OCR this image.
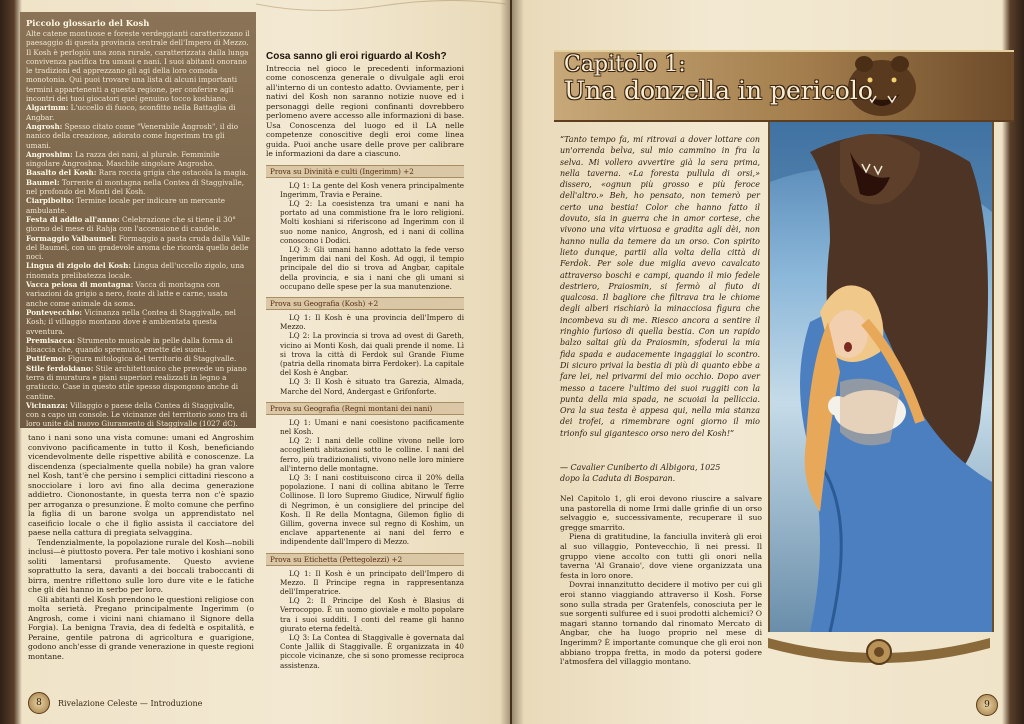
Piccolo glossario del Kosh

Alte catene montuose e foreste verdeggianti caratterizzano il paesaggio di questa provincia centrale dell'Impero di Mezzo. Il Kosh è perlopiù una zona rurale, caratterizzata dalla lunga convivenza pacifica tra umani e nani. I suoi abitanti onorano le tradizioni ed apprezzano gli agi della loro comoda monotonia. Qui puoi trovare una lista di alcuni importanti termini appartenenti a questa regione, per conferire agli incontri dei tuoi giocatori quel genuino tocco koshiano.

Algarimm: L'uccello di fuoco, sconfitto nella Battaglia di Angbar.

Angrosh: Spesso citato come "Venerabile Angrosh", il dio nanico della creazione, adorato come Ingerimm tra gli umani.

Angroshim: La razza dei nani, al plurale. Femminile singolare Angroshna. Maschile singolare Angrosho.

Basalto del Kosh: Rara roccia grigia che ostacola la magia.

Baumel: Torrente di montagna nella Contea di Staggivalle, nel profondo dei Monti del Kosh.

Ciarpibolto: Termine locale per indicare un mercante ambulante.

Festa di addio all'anno: Celebrazione che si tiene il 30° giorno del mese di Rahja con l'accensione di candele.

Formaggio Valbaumel: Formaggio a pasta cruda dalla Valle del Baumel, con un gradevole aroma che ricorda quello delle noci.

Lingua di zigolo del Kosh: Lingua dell'uccello zigolo, una rinomata prelibatezza locale.

Vacca pelosa di montagna: Vacca di montagna con variazioni da grigio a nero, fonte di latte e carne, usata anche come animale da soma.

Pontevecchio: Vicinanza nella Contea di Staggivalle, nel Kosh; il villaggio montano dove è ambientata questa avventura.

Premisacca: Strumento musicale in pelle dalla forma di bisaccia che, quando spremuto, emette dei suoni.

Putifemo: Figura mitologica del territorio di Staggivalle.

Stile ferdokiano: Stile architettonico che prevede un piano terra di muratura e piani superiori realizzati in legno a graticcio. Case in questo stile spesso dispongono anche di cantine.

Vicinanza: Villaggio o paese della Contea di Staggivalle, con a capo un console. Le vicinanze del territorio sono tra di loro unite dal nuovo Giuramento di Staggivalle (1027 dC).

tano i nani sono una vista comune: umani ed Angroshim convivono pacificamente in tutto il Kosh, beneficiando vicendevolmente delle rispettive abilità e conoscenze. La discendenza (specialmente quella nobile) ha gran valore nel Kosh, tant'è che persino i semplici cittadini riescono a snocciolare i loro avi fino alla decima generazione addietro. Ciononostante, in questa terra non c'è spazio per arroganza o presunzione. È molto comune che perfino la figlia di un barone svolga un apprendistato nel caseificio locale o che il figlio assista il cacciatore del paese nella cattura di pregiata selvaggina.

Tendenzialmente, la popolazione rurale del Kosh—nobili inclusi—è piuttosto povera. Per tale motivo i koshiani sono soliti lamentarsi profusamente. Questo avviene soprattutto la sera, davanti a dei boccali traboccanti di birra, mentre riflettono sulle loro dure vite e le fatiche che gli dèi hanno in serbo per loro.

Gli abitanti del Kosh prendono le questioni religiose con molta serietà. Pregano principalmente Ingerimm (o Angrosh, come i vicini nani chiamano il Signore della Forgia). La benigna Travia, dea di fedeltà e ospitalità, e Peraine, gentile patrona di agricoltura e guarigione, godono anch'esse di grande venerazione in queste regioni montane.

Cosa sanno gli eroi riguardo al Kosh?

Intreccia nel gioco le precedenti informazioni come conoscenza generale o divulgale agli eroi all'interno di un contesto adatto. Ovviamente, per i nativi del Kosh non saranno notizie nuove ed i personaggi delle regioni confinanti dovrebbero perlomeno avere accesso alle informazioni di base. Usa Conoscenza del luogo ed il LA nelle competenze conoscitive degli eroi come linea guida. Puoi anche usare delle prove per calibrare le informazioni da dare a ciascuno.

Prova su Divinità e culti (Ingerimm) +2

LQ 1: La gente del Kosh venera principalmente Ingerimm, Travia e Peraine.

LQ 2: La coesistenza tra umani e nani ha portato ad una commistione fra le loro religioni. Molti koshiani si riferiscono ad Ingerimm con il suo nome nanico, Angrosh, ed i nani di collina conoscono i Dodici.

LQ 3: Gli umani hanno adottato la fede verso Ingerimm dai nani del Kosh. Ad oggi, il tempio principale del dio si trova ad Angbar, capitale della provincia, e sia i nani che gli umani si occupano delle spese per la sua manutenzione.

Prova su Geografia (Kosh) +2

LQ 1: Il Kosh è una provincia dell'Impero di Mezzo.

LQ 2: La provincia si trova ad ovest di Gareth, vicino ai Monti Kosh, dai quali prende il nome. Lì si trova la città di Ferdok sul Grande Fiume (patria della rinomata birra Ferdoker). La capitale del Kosh è Angbar.

LQ 3: Il Kosh è situato tra Garezia, Almada, Marche del Nord, Andergast e Grifonforte.

Prova su Geografia (Regni montani dei nani)

LQ 1: Umani e nani coesistono pacificamente nel Kosh.

LQ 2: I nani delle colline vivono nelle loro accoglienti abitazioni sotto le colline. I nani del ferro, più tradizionalisti, vivono nelle loro miniere all'interno delle montagne.

LQ 3: I nani costituiscono circa il 20% della popolazione. I nani di collina abitano le Terre Collinose. Il loro Supremo Giudice, Nirwulf figlio di Negrimon, è un consigliere del principe del Kosh. Il Re della Montagna, Gilemon figlio di Gillim, governa invece sul regno di Koshim, un enclave appartenente ai nani del ferro e indipendente dall'Impero di Mezzo.

Prova su Etichetta (Pettegolezzi) +2

LQ 1: Il Kosh è un principato dell'Impero di Mezzo. Il Principe regna in rappresentanza dell'Imperatrice.

LQ 2: Il Principe del Kosh è Blasius di Verrocoppo. È un uomo gioviale e molto popolare tra i suoi sudditi. I conti del reame gli hanno giurato eterna fedeltà.

LQ 3: La Contea di Staggivalle è governata dal Conte Jallik di Staggivalle. È organizzata in 40 piccole vicinanze, che si sono promesse reciproca assistenza.

8	Rivelazione Celeste — Introduzione
Capitolo 1:
Una donzella in pericolo

“Tanto tempo fa, mi ritrovai a dover lottare con un'orrenda belva, sul mio cammino in fra la selva. Mi vollero avvertire già la sera prima, nella taverna. «La foresta pullula di orsi,» dissero, «ognun più grosso e più feroce dell'altro.» Beh, ho pensato, non temerò per certo una bestia! Color che hanno fatto il dovuto, sia in guerra che in amor cortese, che vivono una vita virtuosa e gradita agli dèi, non hanno nulla da temere da un orso. Con spirito lieto dunque, partii alla volta della città di Ferdok. Per sole due miglia avevo cavalcato attraverso boschi e campi, quando il mio fedele destriero, Praiosmin, si fermò al fiuto di qualcosa. Il bagliore che filtrava tra le chiome degli alberi rischiarò la minacciosa figura che incombeva su di me. Riesco ancora a sentire il ringhio furioso di quella bestia. Con un rapido balzo saltai giù da Praiosmin, sfoderai la mia fida spada e audacemente ingaggiai lo scontro. Di sicuro privai la bestia di più di quanto ebbe a fare lei, nel privarmi del mio occhio. Dopo aver messo a tacere l'ultimo dei suoi ruggiti con la punta della mia spada, ne scuoiai la pelliccia. Ora la sua testa è appesa qui, nella mia stanza dei trofei, a rimembrare ogni giorno il mio trionfo sul gigantesco orso nero del Kosh!”

— Cavalier Cuniberto di Albigora, 1025

dopo la Caduta di Bosparan.

Nel Capitolo 1, gli eroi devono riuscire a salvare una pastorella di nome Irmi dalle grinfie di un orso selvaggio e, successivamente, recuperare il suo gregge smarrito.

Piena di gratitudine, la fanciulla inviterà gli eroi al suo villaggio, Pontevecchio, lì nei pressi. Il gruppo viene accolto con tutti gli onori nella taverna 'Al Granaio', dove viene organizzata una festa in loro onore.

Dovrai innanzitutto decidere il motivo per cui gli eroi stanno viaggiando attraverso il Kosh. Forse sono sulla strada per Gratenfels, conosciuta per le sue sorgenti sulfuree ed i suoi prodotti alchemici? O magari stanno tornando dal rinomato Mercato di Angbar, che ha luogo proprio nel mese di Ingerimm? È importante comunque che gli eroi non abbiano troppa fretta, in modo da potersi godere l'atmosfera del villaggio montano.

9
